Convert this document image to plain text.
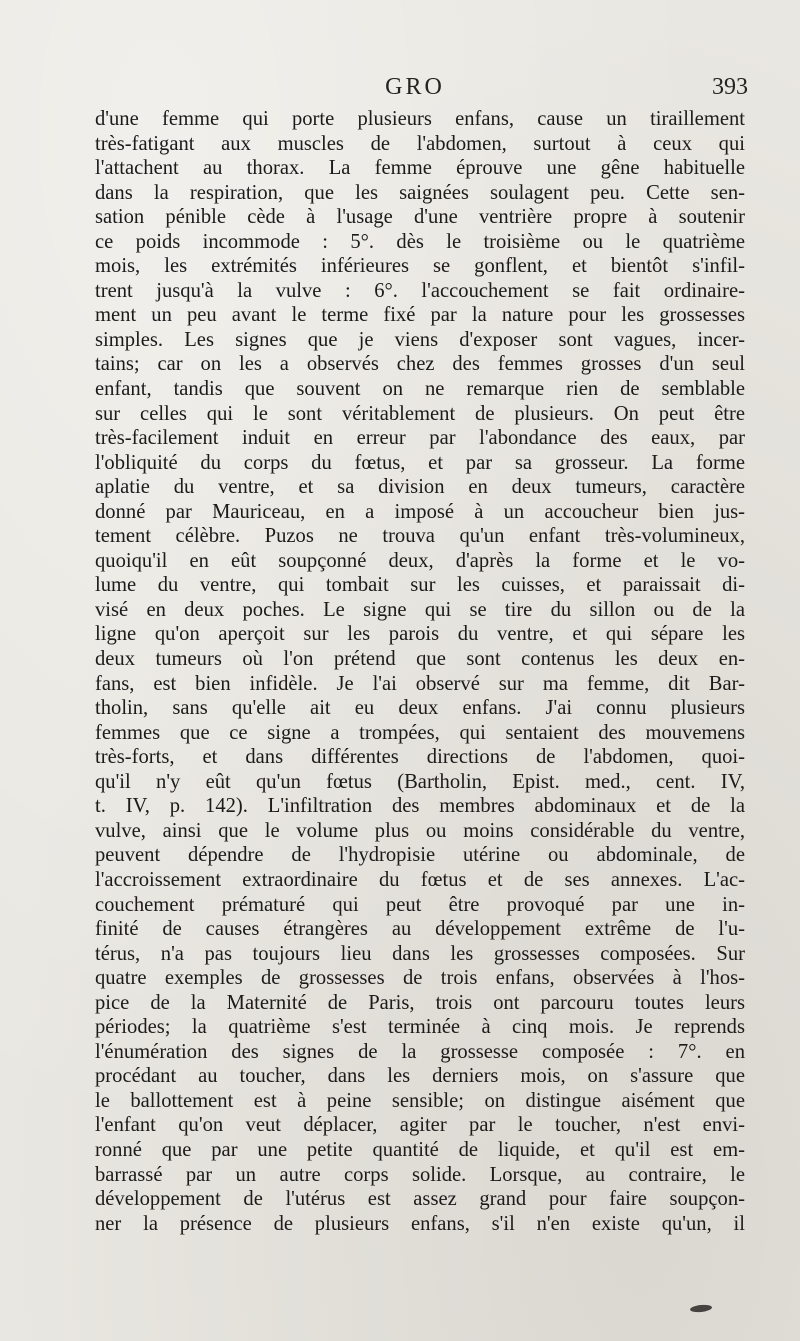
GRO	393
d'une femme qui porte plusieurs enfans, cause un tiraillement
très-fatigant aux muscles de l'abdomen, surtout à ceux qui
l'attachent au thorax. La femme éprouve une gêne habituelle
dans la respiration, que les saignées soulagent peu. Cette sen-
sation pénible cède à l'usage d'une ventrière propre à soutenir
ce poids incommode : 5°. dès le troisième ou le quatrième
mois, les extrémités inférieures se gonflent, et bientôt s'infil-
trent jusqu'à la vulve : 6°. l'accouchement se fait ordinaire-
ment un peu avant le terme fixé par la nature pour les grossesses
simples. Les signes que je viens d'exposer sont vagues, incer-
tains; car on les a observés chez des femmes grosses d'un seul
enfant, tandis que souvent on ne remarque rien de semblable
sur celles qui le sont véritablement de plusieurs. On peut être
très-facilement induit en erreur par l'abondance des eaux, par
l'obliquité du corps du fœtus, et par sa grosseur. La forme
aplatie du ventre, et sa division en deux tumeurs, caractère
donné par Mauriceau, en a imposé à un accoucheur bien jus-
tement célèbre. Puzos ne trouva qu'un enfant très-volumineux,
quoiqu'il en eût soupçonné deux, d'après la forme et le vo-
lume du ventre, qui tombait sur les cuisses, et paraissait di-
visé en deux poches. Le signe qui se tire du sillon ou de la
ligne qu'on aperçoit sur les parois du ventre, et qui sépare les
deux tumeurs où l'on prétend que sont contenus les deux en-
fans, est bien infidèle. Je l'ai observé sur ma femme, dit Bar-
tholin, sans qu'elle ait eu deux enfans. J'ai connu plusieurs
femmes que ce signe a trompées, qui sentaient des mouvemens
très-forts, et dans différentes directions de l'abdomen, quoi-
qu'il n'y eût qu'un fœtus (Bartholin, Epist. med., cent. IV,
t. IV, p. 142). L'infiltration des membres abdominaux et de la
vulve, ainsi que le volume plus ou moins considérable du ventre,
peuvent dépendre de l'hydropisie utérine ou abdominale, de
l'accroissement extraordinaire du fœtus et de ses annexes. L'ac-
couchement prématuré qui peut être provoqué par une in-
finité de causes étrangères au développement extrême de l'u-
térus, n'a pas toujours lieu dans les grossesses composées. Sur
quatre exemples de grossesses de trois enfans, observées à l'hos-
pice de la Maternité de Paris, trois ont parcouru toutes leurs
périodes; la quatrième s'est terminée à cinq mois. Je reprends
l'énumération des signes de la grossesse composée : 7°. en
procédant au toucher, dans les derniers mois, on s'assure que
le ballottement est à peine sensible; on distingue aisément que
l'enfant qu'on veut déplacer, agiter par le toucher, n'est envi-
ronné que par une petite quantité de liquide, et qu'il est em-
barrassé par un autre corps solide. Lorsque, au contraire, le
développement de l'utérus est assez grand pour faire soupçon-
ner la présence de plusieurs enfans, s'il n'en existe qu'un, il
